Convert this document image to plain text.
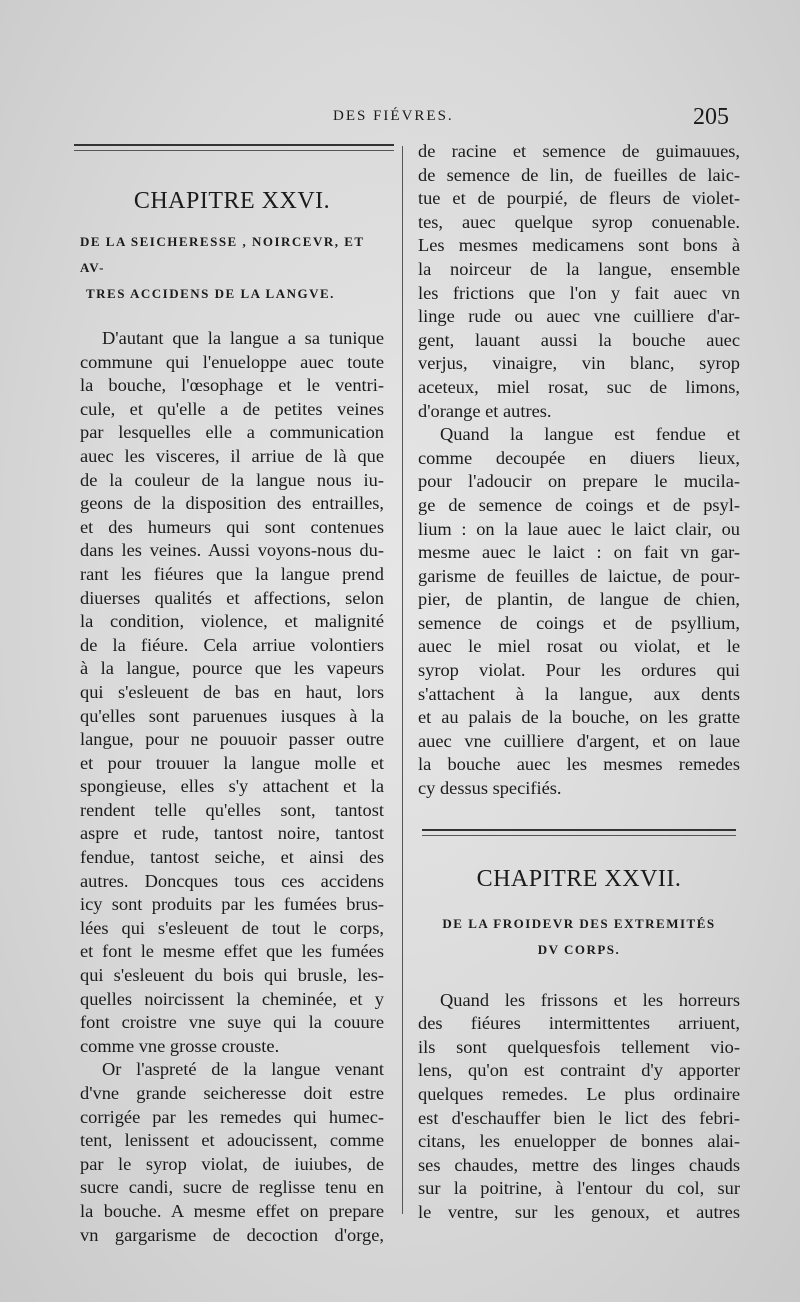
DES FIÉVRES.	205
CHAPITRE XXVI.
DE LA SEICHERESSE , NOIRCEVR, ET AV-
TRES ACCIDENS DE LA LANGVE.
D'autant que la langue a sa tunique
commune qui l'enueloppe auec toute
la bouche, l'œsophage et le ventri-
cule, et qu'elle a de petites veines
par lesquelles elle a communication
auec les visceres, il arriue de là que
de la couleur de la langue nous iu-
geons de la disposition des entrailles,
et des humeurs qui sont contenues
dans les veines. Aussi voyons-nous du-
rant les fiéures que la langue prend
diuerses qualités et affections, selon
la condition, violence, et malignité
de la fiéure. Cela arriue volontiers
à la langue, pource que les vapeurs
qui s'esleuent de bas en haut, lors
qu'elles sont paruenues iusques à la
langue, pour ne pouuoir passer outre
et pour trouuer la langue molle et
spongieuse, elles s'y attachent et la
rendent telle qu'elles sont, tantost
aspre et rude, tantost noire, tantost
fendue, tantost seiche, et ainsi des
autres. Doncques tous ces accidens
icy sont produits par les fumées brus-
lées qui s'esleuent de tout le corps,
et font le mesme effet que les fumées
qui s'esleuent du bois qui brusle, les-
quelles noircissent la cheminée, et y
font croistre vne suye qui la couure
comme vne grosse crouste.
Or l'aspreté de la langue venant
d'vne grande seicheresse doit estre
corrigée par les remedes qui humec-
tent, lenissent et adoucissent, comme
par le syrop violat, de iuiubes, de
sucre candi, sucre de reglisse tenu en
la bouche. A mesme effet on prepare
vn gargarisme de decoction d'orge,
de racine et semence de guimauues,
de semence de lin, de fueilles de laic-
tue et de pourpié, de fleurs de violet-
tes, auec quelque syrop conuenable.
Les mesmes medicamens sont bons à
la noirceur de la langue, ensemble
les frictions que l'on y fait auec vn
linge rude ou auec vne cuilliere d'ar-
gent, lauant aussi la bouche auec
verjus, vinaigre, vin blanc, syrop
aceteux, miel rosat, suc de limons,
d'orange et autres.
Quand la langue est fendue et
comme decoupée en diuers lieux,
pour l'adoucir on prepare le mucila-
ge de semence de coings et de psyl-
lium : on la laue auec le laict clair, ou
mesme auec le laict : on fait vn gar-
garisme de feuilles de laictue, de pour-
pier, de plantin, de langue de chien,
semence de coings et de psyllium,
auec le miel rosat ou violat, et le
syrop violat. Pour les ordures qui
s'attachent à la langue, aux dents
et au palais de la bouche, on les gratte
auec vne cuilliere d'argent, et on laue
la bouche auec les mesmes remedes
cy dessus specifiés.
CHAPITRE XXVII.
DE LA FROIDEVR DES EXTREMITÉS
DV CORPS.
Quand les frissons et les horreurs
des fiéures intermittentes arriuent,
ils sont quelquesfois tellement vio-
lens, qu'on est contraint d'y apporter
quelques remedes. Le plus ordinaire
est d'eschauffer bien le lict des febri-
citans, les enuelopper de bonnes alai-
ses chaudes, mettre des linges chauds
sur la poitrine, à l'entour du col, sur
le ventre, sur les genoux, et autres
